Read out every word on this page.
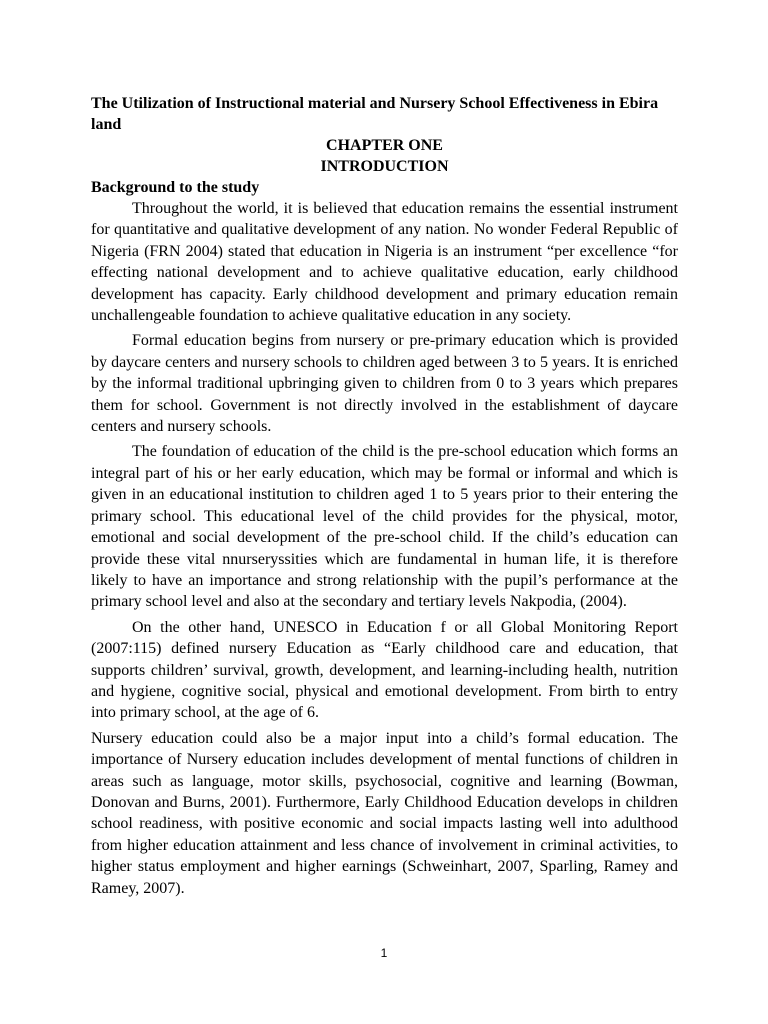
The Utilization of Instructional material and Nursery School Effectiveness in Ebira land

CHAPTER ONE

INTRODUCTION

Background to the study

Throughout the world, it is believed that education remains the essential instrument for quantitative and qualitative development of any nation. No wonder Federal Republic of Nigeria (FRN 2004) stated that education in Nigeria is an instrument “per excellence “for effecting national development and to achieve qualitative education, early childhood development has capacity. Early childhood development and primary education remain unchallengeable foundation to achieve qualitative education in any society.

Formal education begins from nursery or pre-primary education which is provided by daycare centers and nursery schools to children aged between 3 to 5 years. It is enriched by the informal traditional upbringing given to children from 0 to 3 years which prepares them for school. Government is not directly involved in the establishment of daycare centers and nursery schools.

The foundation of education of the child is the pre-school education which forms an integral part of his or her early education, which may be formal or informal and which is given in an educational institution to children aged 1 to 5 years prior to their entering the primary school. This educational level of the child provides for the physical, motor, emotional and social development of the pre-school child. If the child’s education can provide these vital nnurseryssities which are fundamental in human life, it is therefore likely to have an importance and strong relationship with the pupil’s performance at the primary school level and also at the secondary and tertiary levels Nakpodia, (2004).

On the other hand, UNESCO in Education f or all Global Monitoring Report (2007:115) defined nursery Education as “Early childhood care and education, that supports children’ survival, growth, development, and learning-including health, nutrition and hygiene, cognitive social, physical and emotional development. From birth to entry into primary school, at the age of 6.

Nursery education could also be a major input into a child’s formal education. The importance of Nursery education includes development of mental functions of children in areas such as language, motor skills, psychosocial, cognitive and learning (Bowman, Donovan and Burns, 2001). Furthermore, Early Childhood Education develops in children school readiness, with positive economic and social impacts lasting well into adulthood from higher education attainment and less chance of involvement in criminal activities, to higher status employment and higher earnings (Schweinhart, 2007, Sparling, Ramey and Ramey, 2007).

1
